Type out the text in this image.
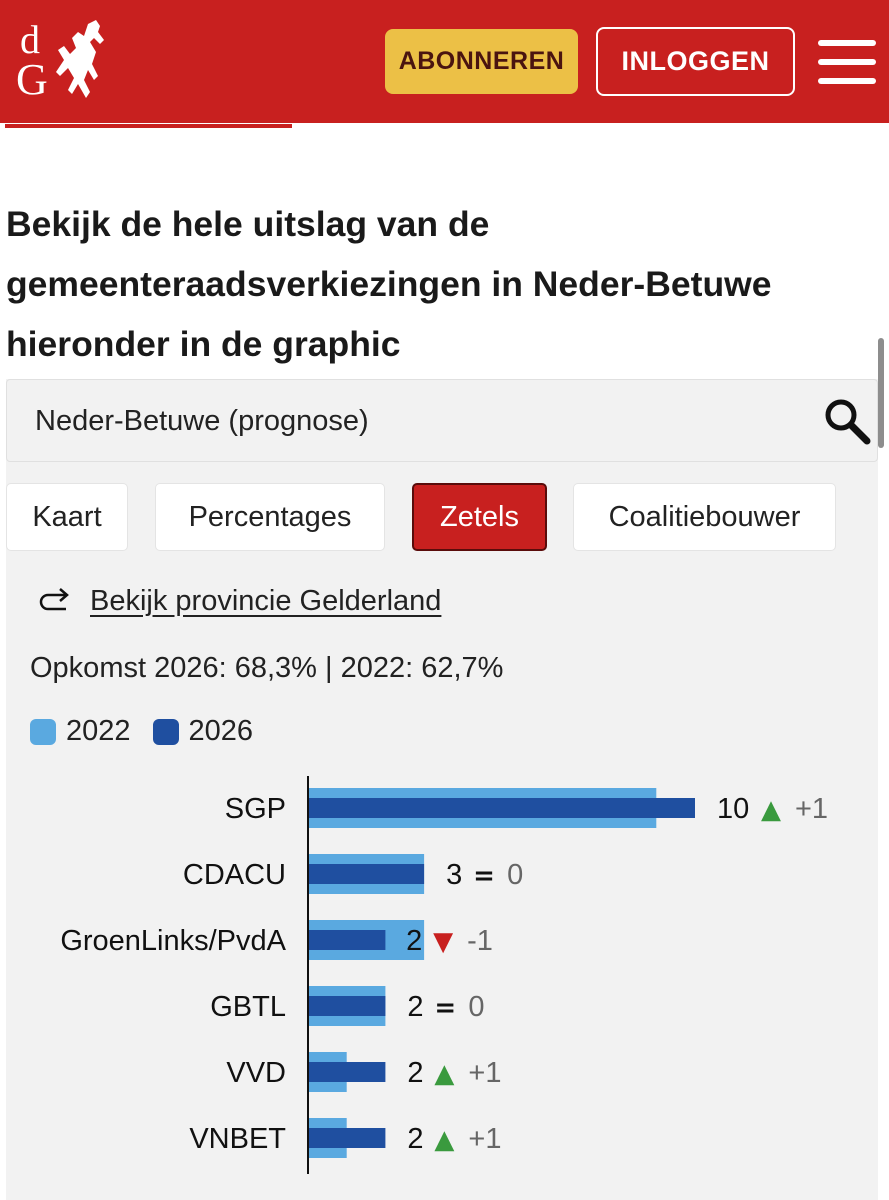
d
G	ABONNEREN	INLOGGEN
Bekijk de hele uitslag van de gemeenteraadsverkiezingen in Neder-Betuwe hieronder in de graphic
Neder-Betuwe (prognose)
Kaart	Percentages	Zetels	Coalitiebouwer
Bekijk provincie Gelderland
Opkomst 2026: 68,3% | 2022: 62,7%
2022 2026
SGP	10 ▲ +1
CDACU	3 = 0
GroenLinks/PvdA	2 ▼ -1
GBTL	2 = 0
VVD	2 ▲ +1
VNBET	2 ▲ +1
